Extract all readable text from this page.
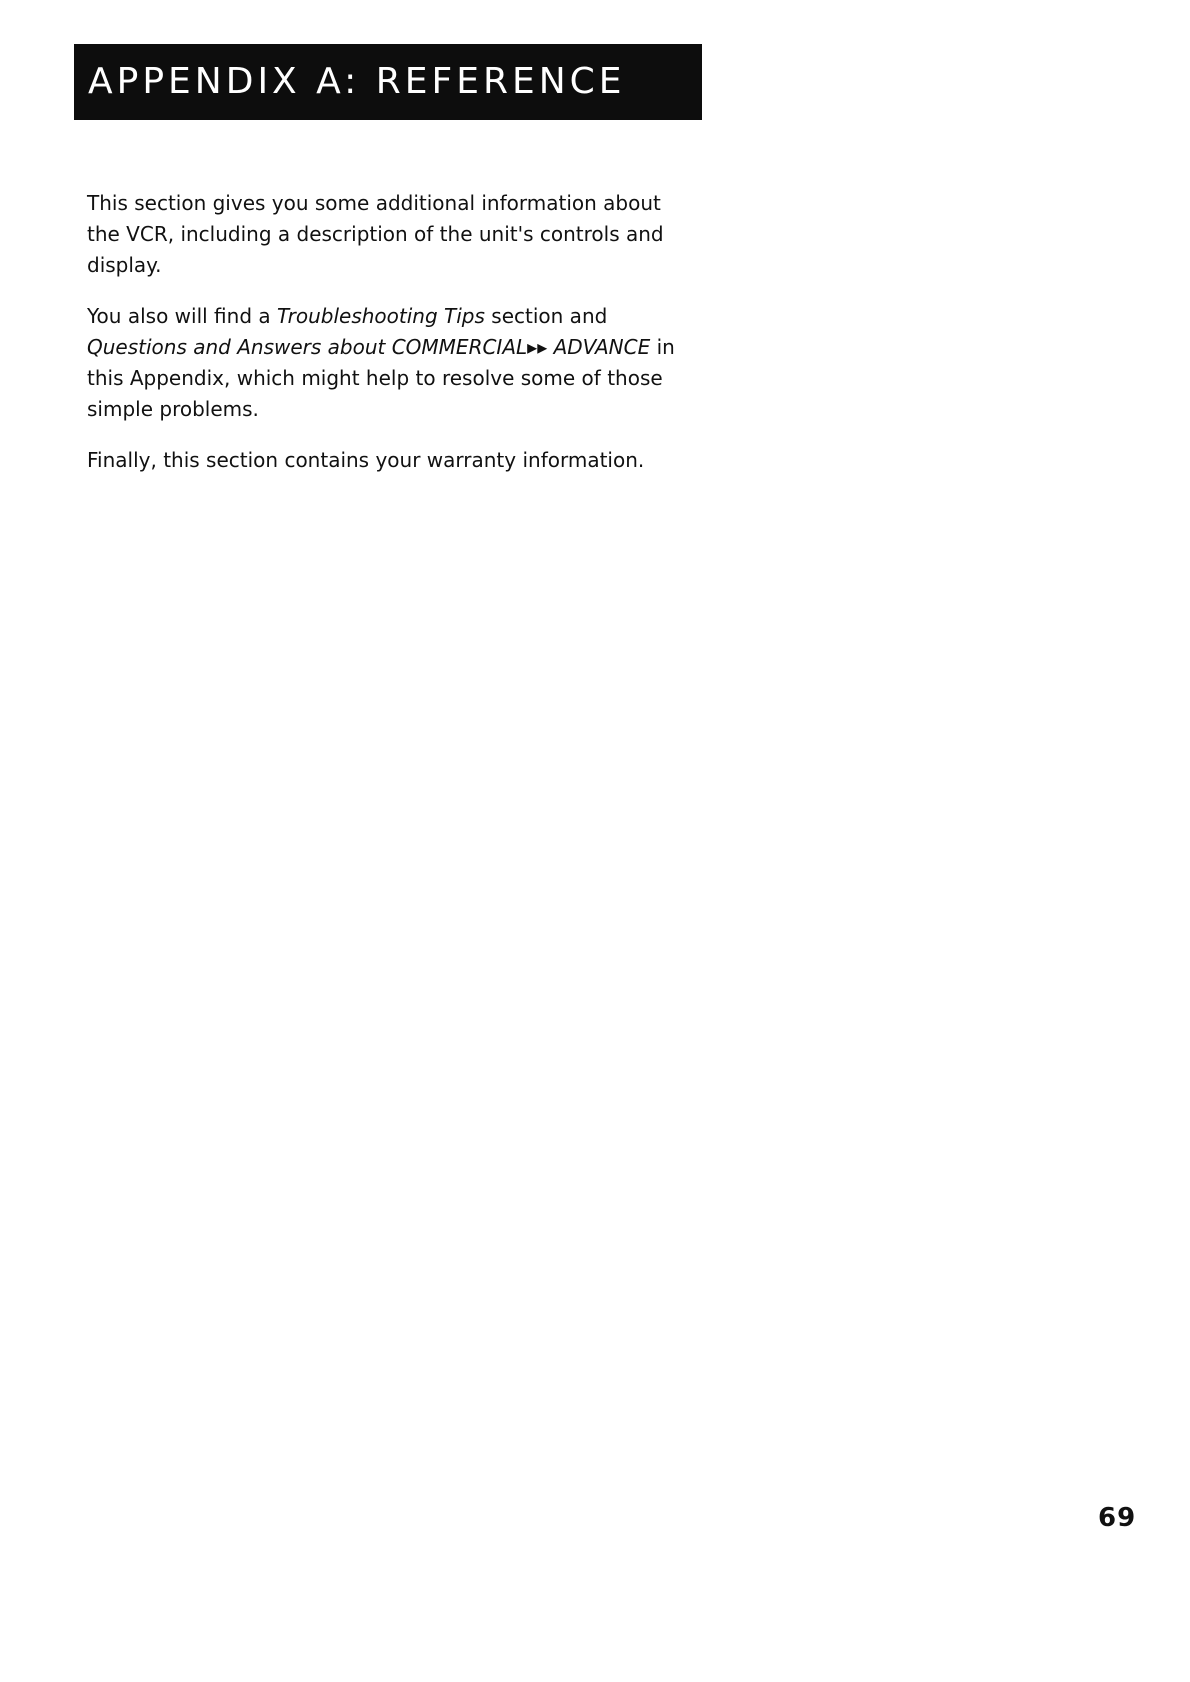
APPENDIX A: REFERENCE

This section gives you some additional information about the VCR, including a description of the unit's controls and display.

You also will find a Troubleshooting Tips section and Questions and Answers about COMMERCIAL▸▸ ADVANCE in this Appendix, which might help to resolve some of those simple problems.

Finally, this section contains your warranty information.

69
